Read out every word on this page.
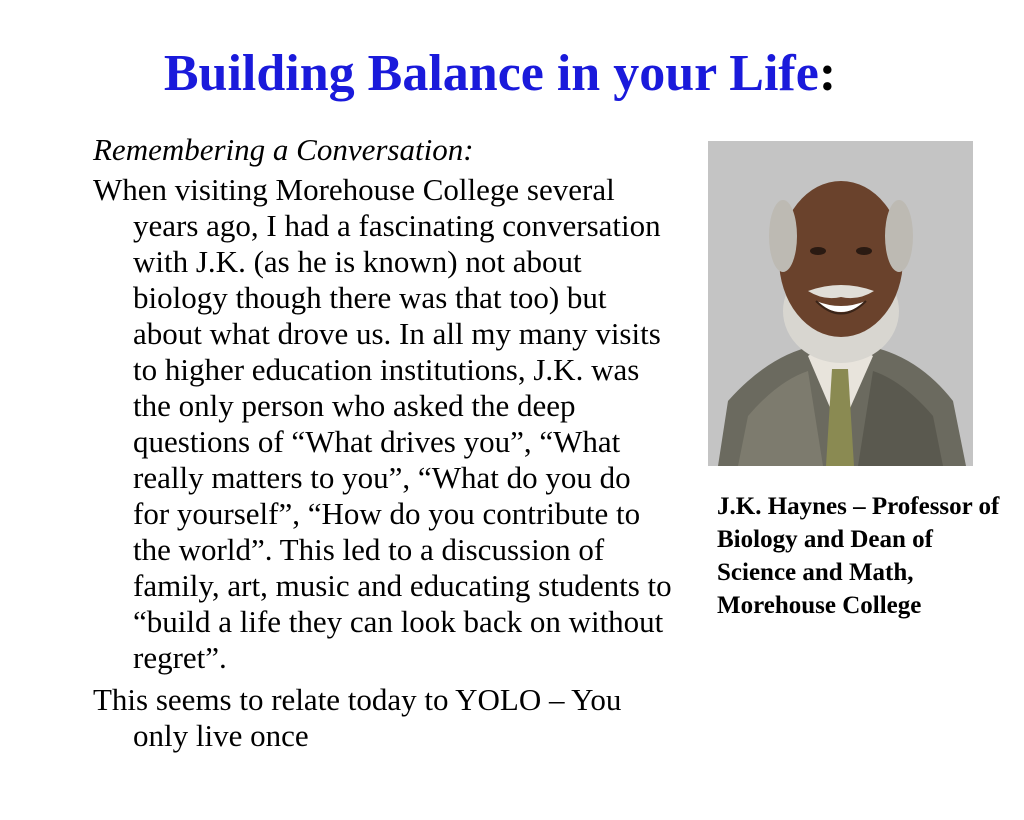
Building Balance in your Life:
Remembering a Conversation:

When visiting Morehouse College several years ago, I had a fascinating conversation with J.K. (as he is known) not about biology though there was that too) but about what drove us. In all my many visits to higher education institutions, J.K. was the only person who asked the deep questions of “What drives you”, “What really matters to you”, “What do you do for yourself”, “How do you contribute to the world”. This led to a discussion of family, art, music and educating students to “build a life they can look back on without regret”.

This seems to relate today to YOLO – You only live once

J.K. Haynes – Professor of Biology and Dean of Science and Math, Morehouse College
